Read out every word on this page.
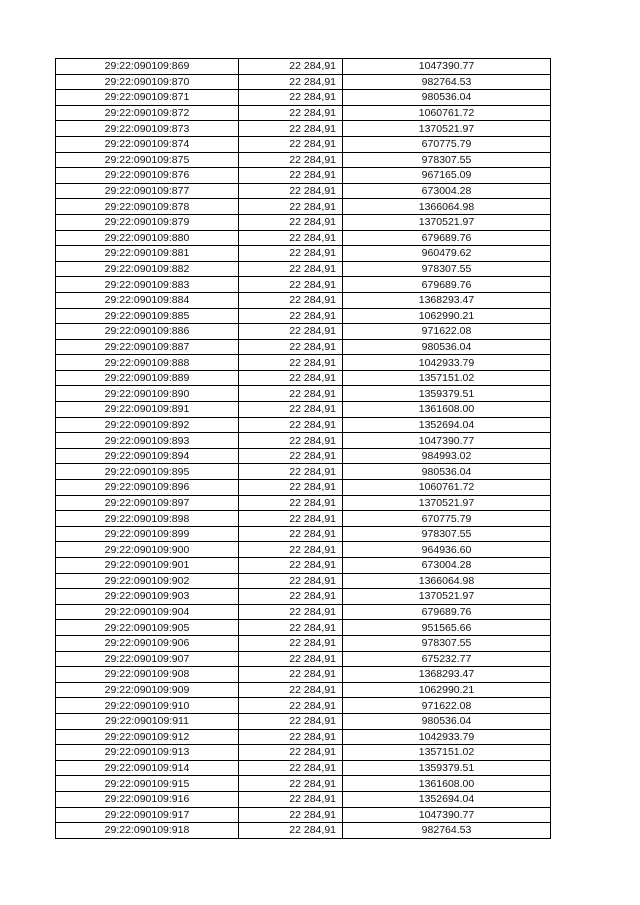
29:22:090109:869	22 284,91	1047390.77
29:22:090109:870	22 284,91	982764.53
29:22:090109:871	22 284,91	980536.04
29:22:090109:872	22 284,91	1060761.72
29:22:090109:873	22 284,91	1370521.97
29:22:090109:874	22 284,91	670775.79
29:22:090109:875	22 284,91	978307.55
29:22:090109:876	22 284,91	967165.09
29:22:090109:877	22 284,91	673004.28
29:22:090109:878	22 284,91	1366064.98
29:22:090109:879	22 284,91	1370521.97
29:22:090109:880	22 284,91	679689.76
29:22:090109:881	22 284,91	960479.62
29:22:090109:882	22 284,91	978307.55
29:22:090109:883	22 284,91	679689.76
29:22:090109:884	22 284,91	1368293.47
29:22:090109:885	22 284,91	1062990.21
29:22:090109:886	22 284,91	971622.08
29:22:090109:887	22 284,91	980536.04
29:22:090109:888	22 284,91	1042933.79
29:22:090109:889	22 284,91	1357151.02
29:22:090109:890	22 284,91	1359379.51
29:22:090109:891	22 284,91	1361608.00
29:22:090109:892	22 284,91	1352694.04
29:22:090109:893	22 284,91	1047390.77
29:22:090109:894	22 284,91	984993.02
29:22:090109:895	22 284,91	980536.04
29:22:090109:896	22 284,91	1060761.72
29:22:090109:897	22 284,91	1370521.97
29:22:090109:898	22 284,91	670775.79
29:22:090109:899	22 284,91	978307.55
29:22:090109:900	22 284,91	964936.60
29:22:090109:901	22 284,91	673004.28
29:22:090109:902	22 284,91	1366064.98
29:22:090109:903	22 284,91	1370521.97
29:22:090109:904	22 284,91	679689.76
29:22:090109:905	22 284,91	951565.66
29:22:090109:906	22 284,91	978307.55
29:22:090109:907	22 284,91	675232.77
29:22:090109:908	22 284,91	1368293.47
29:22:090109:909	22 284,91	1062990.21
29:22:090109:910	22 284,91	971622.08
29:22:090109:911	22 284,91	980536.04
29:22:090109:912	22 284,91	1042933.79
29:22:090109:913	22 284,91	1357151.02
29:22:090109:914	22 284,91	1359379.51
29:22:090109:915	22 284,91	1361608.00
29:22:090109:916	22 284,91	1352694.04
29:22:090109:917	22 284,91	1047390.77
29:22:090109:918	22 284,91	982764.53
